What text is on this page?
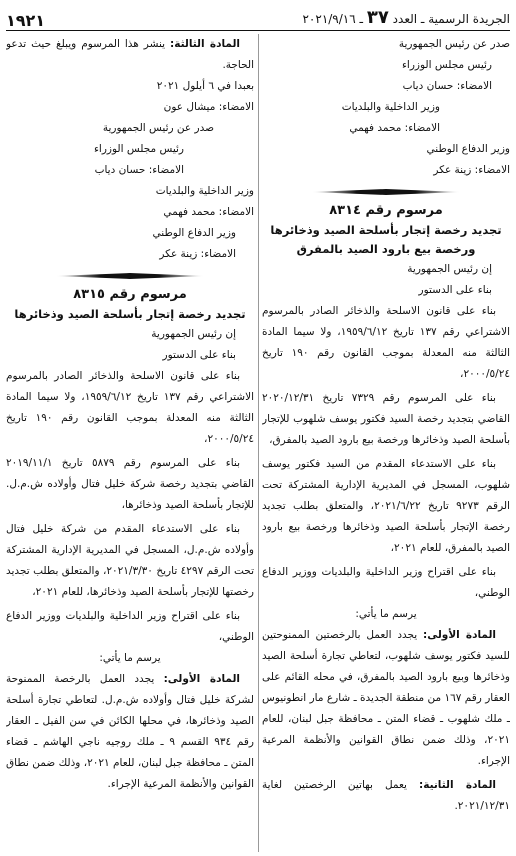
الجريدة الرسمية ـ العدد ٣٧ ـ ٢٠٢١/٩/١٦
١٩٢١
صدر عن رئيس الجمهورية
رئيس مجلس الوزراء
الامضاء: حسان دياب
وزير الداخلية والبلديات
الامضاء: محمد فهمي
وزير الدفاع الوطني
الامضاء: زينة عكر
مرسوم رقم ٨٣١٤
تجديد رخصة إتجار بأسلحة الصيد وذخائرها ورخصة بيع بارود الصيد بالمفرق
إن رئيس الجمهورية
بناء على الدستور

بناء على قانون الاسلحة والذخائر الصادر بالمرسوم الاشتراعي رقم ١٣٧ تاريخ ١٩٥٩/٦/١٢، ولا سيما المادة الثالثة منه المعدلة بموجب القانون رقم ١٩٠ تاريخ ٢٠٠٠/٥/٢٤،

بناء على المرسوم رقم ٧٣٢٩ تاريخ ٢٠٢٠/١٢/٣١ القاضي بتجديد رخصة السيد فكتور يوسف شلهوب للإتجار بأسلحة الصيد وذخائرها ورخصة بيع بارود الصيد بالمفرق،

بناء على الاستدعاء المقدم من السيد فكتور يوسف شلهوب، المسجل في المديرية الإدارية المشتركة تحت الرقم ٩٢٧٣ تاريخ ٢٠٢١/٦/٢٢، والمتعلق بطلب تجديد رخصة الإتجار بأسلحة الصيد وذخائرها ورخصة بيع بارود الصيد بالمفرق، للعام ٢٠٢١،

بناء على اقتراح وزير الداخلية والبلديات ووزير الدفاع الوطني،

يرسم ما يأتي:

المادة الأولى: يجدد العمل بالرخصتين الممنوحتين للسيد فكتور يوسف شلهوب، لتعاطي تجارة أسلحة الصيد وذخائرها وبيع بارود الصيد بالمفرق، في محله القائم على العقار رقم ١٦٧ من منطقة الجديدة ـ شارع مار انطونيوس ـ ملك شلهوب ـ قضاء المتن ـ محافظة جبل لبنان، للعام ٢٠٢١، وذلك ضمن نطاق القوانين والأنظمة المرعية الإجراء.

المادة الثانية: يعمل بهاتين الرخصتين لغاية ٢٠٢١/١٢/٣١.

المادة الثالثة: ينشر هذا المرسوم ويبلغ حيث تدعو الحاجة.

بعبدا في ٦ أيلول ٢٠٢١
الامضاء: ميشال عون
صدر عن رئيس الجمهورية
رئيس مجلس الوزراء
الامضاء: حسان دياب
وزير الداخلية والبلديات
الامضاء: محمد فهمي
وزير الدفاع الوطني
الامضاء: زينة عكر
مرسوم رقم ٨٣١٥
تجديد رخصة إتجار بأسلحة الصيد وذخائرها
إن رئيس الجمهورية
بناء على الدستور

بناء على قانون الاسلحة والذخائر الصادر بالمرسوم الاشتراعي رقم ١٣٧ تاريخ ١٩٥٩/٦/١٢، ولا سيما المادة الثالثة منه المعدلة بموجب القانون رقم ١٩٠ تاريخ ٢٠٠٠/٥/٢٤،

بناء على المرسوم رقم ٥٨٧٩ تاريخ ٢٠١٩/١١/١ القاضي بتجديد رخصة شركة خليل فتال وأولاده ش.م.ل. للإتجار بأسلحة الصيد وذخائرها،

بناء على الاستدعاء المقدم من شركة خليل فتال وأولاده ش.م.ل، المسجل في المديرية الإدارية المشتركة تحت الرقم ٤٢٩٧ تاريخ ٢٠٢١/٣/٣٠، والمتعلق بطلب تجديد رخصتها للإتجار بأسلحة الصيد وذخائرها، للعام ٢٠٢١،

بناء على اقتراح وزير الداخلية والبلديات ووزير الدفاع الوطني،

يرسم ما يأتي:

المادة الأولى: يجدد العمل بالرخصة الممنوحة لشركة خليل فتال وأولاده ش.م.ل. لتعاطي تجارة أسلحة الصيد وذخائرها، في محلها الكائن في سن الفيل ـ العقار رقم ٩٣٤ القسم ٩ ـ ملك روجيه ناجي الهاشم ـ قضاء المتن ـ محافظة جبل لبنان، للعام ٢٠٢١، وذلك ضمن نطاق القوانين والأنظمة المرعية الإجراء.
